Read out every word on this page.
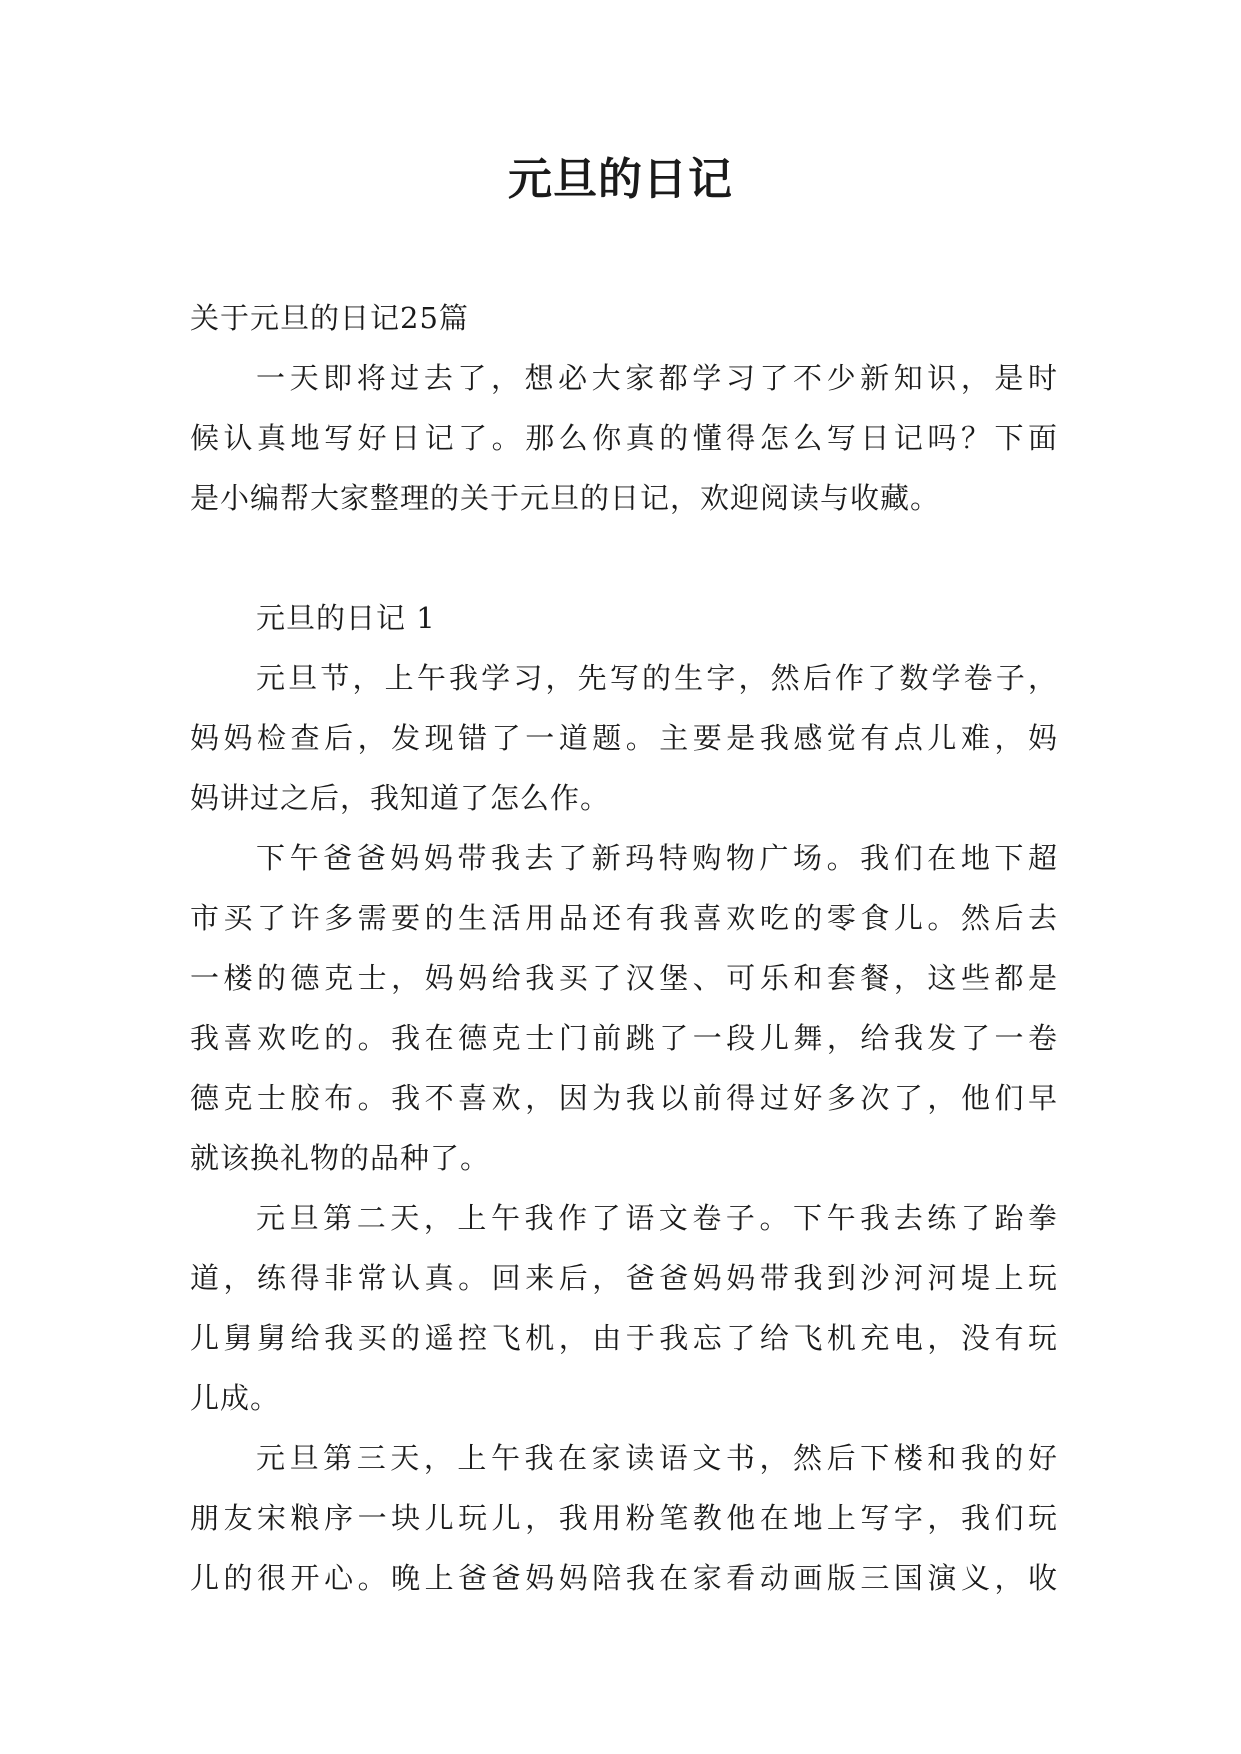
元旦的日记
关于元旦的日记25篇
一天即将过去了，想必大家都学习了不少新知识，是时
候认真地写好日记了。那么你真的懂得怎么写日记吗？下面
是小编帮大家整理的关于元旦的日记，欢迎阅读与收藏。
元旦的日记 1
元旦节，上午我学习，先写的生字，然后作了数学卷子，
妈妈检查后，发现错了一道题。主要是我感觉有点儿难，妈
妈讲过之后，我知道了怎么作。
下午爸爸妈妈带我去了新玛特购物广场。我们在地下超
市买了许多需要的生活用品还有我喜欢吃的零食儿。然后去
一楼的德克士，妈妈给我买了汉堡、可乐和套餐，这些都是
我喜欢吃的。我在德克士门前跳了一段儿舞，给我发了一卷
德克士胶布。我不喜欢，因为我以前得过好多次了，他们早
就该换礼物的品种了。
元旦第二天，上午我作了语文卷子。下午我去练了跆拳
道，练得非常认真。回来后，爸爸妈妈带我到沙河河堤上玩
儿舅舅给我买的遥控飞机，由于我忘了给飞机充电，没有玩
儿成。
元旦第三天，上午我在家读语文书，然后下楼和我的好
朋友宋粮序一块儿玩儿，我用粉笔教他在地上写字，我们玩
儿的很开心。晚上爸爸妈妈陪我在家看动画版三国演义，收
